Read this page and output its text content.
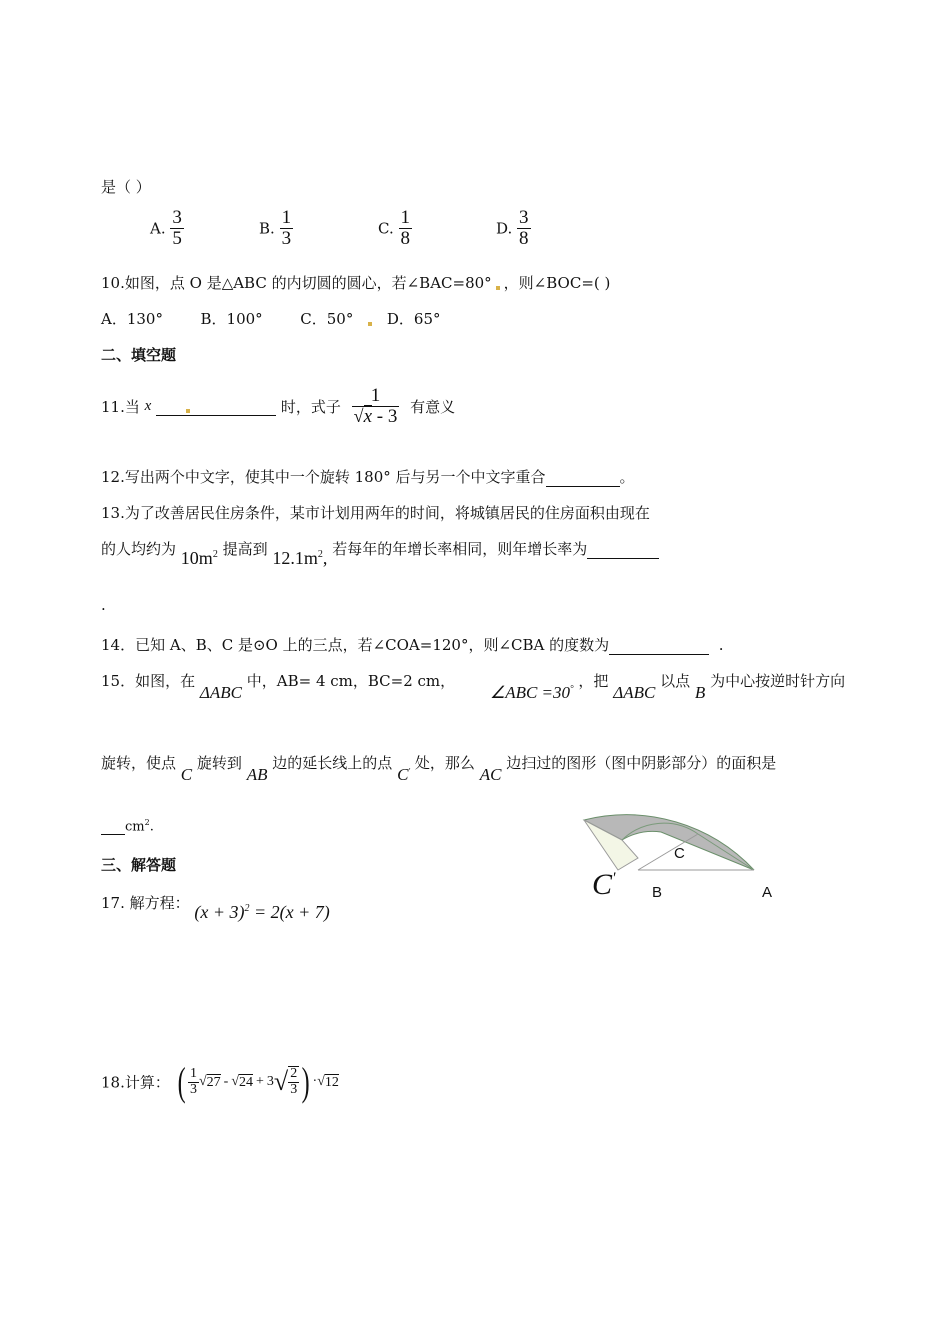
是（ ）
A. $\frac{3}{5}$	B. $\frac{1}{3}$	C. $\frac{1}{8}$	D. $\frac{3}{8}$
10.如图，点 O 是△ABC 的内切圆的圆心，若∠BAC=80° ，则∠BOC=( )
A．130°	B．100°	C．50° D．65°
二、填空题
11.当 x	时，式子 $\frac{1}{√x - 3}$ 有意义
12.写出两个中文字，使其中一个旋转 180° 后与另一个中文字重合	。
13.为了改善居民住房条件，某市计划用两年的时间，将城镇居民的住房面积由现在
的人均约为 $10m^2$ 提高到 $12.1m^2$, 若每年的年增长率相同，则年增长率为
.
14．已知 A、B、C 是⊙O 上的三点，若∠COA=120°，则∠CBA 的度数为	.
15．如图，在 ΔABC 中，AB= 4 cm，BC=2 cm， ∠ABC =30° ，把 ΔABC 以点 B 为中心按逆时针方向
旋转，使点 C 旋转到 AB 边的延长线上的点 C' 处，那么 AC 边扫过的图形（图中阴影部分）的面积是
$cm^2$.
C
B	A
C'
三、解答题
17. 解方程： $(x + 3)^2 = 2(x + 7)$
18.计算： ( $\frac{1}{3}$ √ 27 - √ 24 + 3 √ $\frac{2}{3}$ ) · √ 12
